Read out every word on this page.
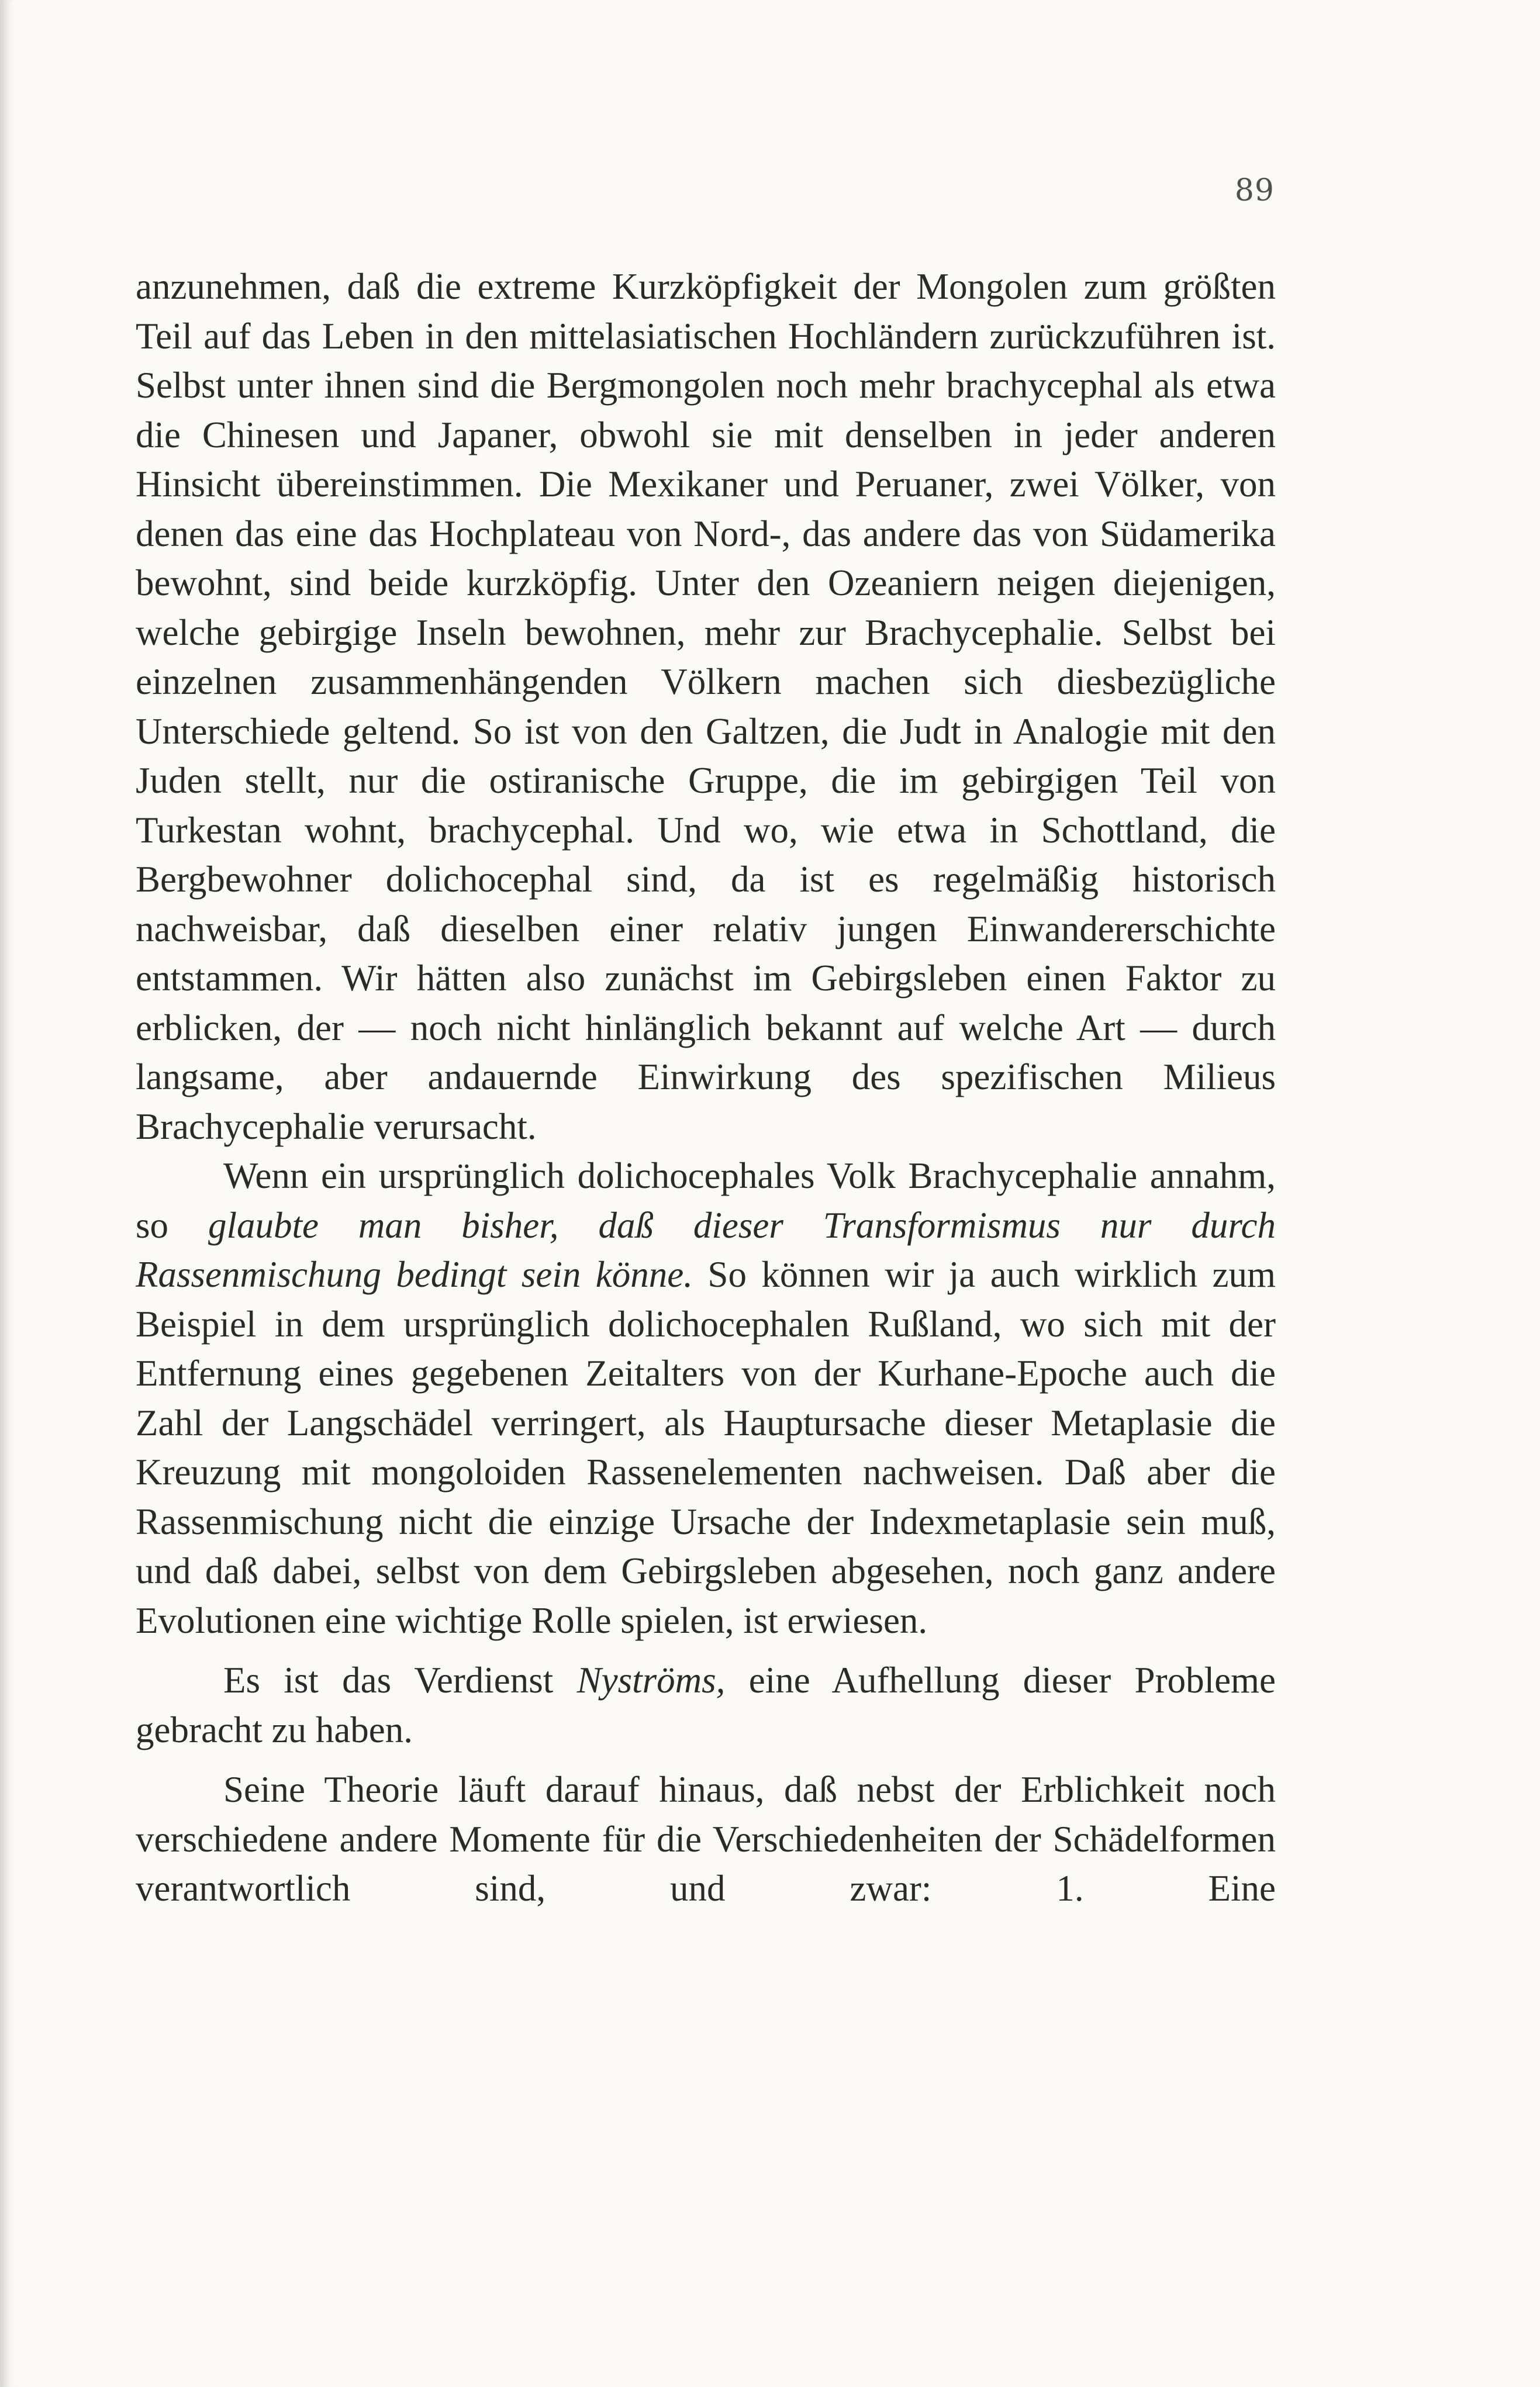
89

anzunehmen, daß die extreme Kurzköpfigkeit der Mongolen zum größten Teil auf das Leben in den mittelasiatischen Hochländern zurückzuführen ist. Selbst unter ihnen sind die Bergmongolen noch mehr brachycephal als etwa die Chinesen und Japaner, obwohl sie mit denselben in jeder anderen Hinsicht übereinstimmen. Die Mexikaner und Peruaner, zwei Völker, von denen das eine das Hochplateau von Nord-, das andere das von Südamerika bewohnt, sind beide kurzköpfig. Unter den Ozeaniern neigen diejenigen, welche gebirgige Inseln bewohnen, mehr zur Brachycephalie. Selbst bei einzelnen zusammenhängenden Völkern machen sich diesbezügliche Unterschiede geltend. So ist von den Galtzen, die Judt in Analogie mit den Juden stellt, nur die ostiranische Gruppe, die im gebirgigen Teil von Turkestan wohnt, brachycephal. Und wo, wie etwa in Schottland, die Bergbewohner dolichocephal sind, da ist es regelmäßig historisch nachweisbar, daß dieselben einer relativ jungen Einwandererschichte entstammen. Wir hätten also zunächst im Gebirgsleben einen Faktor zu erblicken, der — noch nicht hinlänglich bekannt auf welche Art — durch langsame, aber andauernde Einwirkung des spezifischen Milieus Brachycephalie verursacht.

Wenn ein ursprünglich dolichocephales Volk Brachycephalie annahm, so glaubte man bisher, daß dieser Transformismus nur durch Rassenmischung bedingt sein könne. So können wir ja auch wirklich zum Beispiel in dem ursprünglich dolichocephalen Rußland, wo sich mit der Entfernung eines gegebenen Zeitalters von der Kurhane-Epoche auch die Zahl der Langschädel verringert, als Hauptursache dieser Metaplasie die Kreuzung mit mongoloiden Rassenelementen nachweisen. Daß aber die Rassenmischung nicht die einzige Ursache der Indexmetaplasie sein muß, und daß dabei, selbst von dem Gebirgsleben abgesehen, noch ganz andere Evolutionen eine wichtige Rolle spielen, ist erwiesen.

Es ist das Verdienst Nyströms, eine Aufhellung dieser Probleme gebracht zu haben.

Seine Theorie läuft darauf hinaus, daß nebst der Erblichkeit noch verschiedene andere Momente für die Verschiedenheiten der Schädelformen verantwortlich sind, und zwar: 1. Eine
